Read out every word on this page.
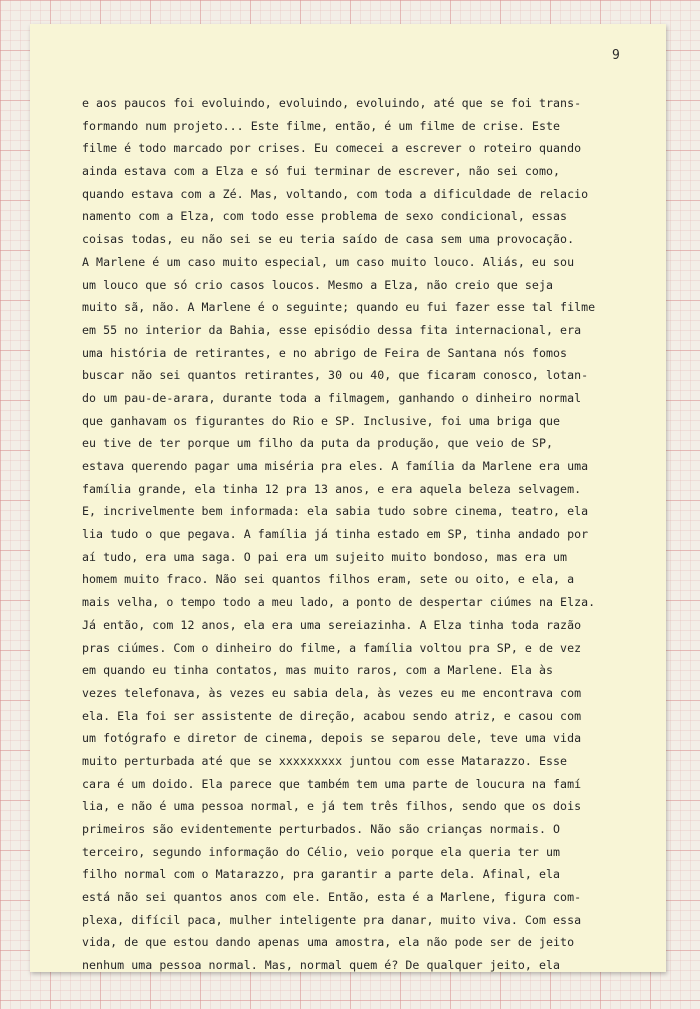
9
e aos paucos foi evoluindo, evoluindo, evoluindo, até que se foi trans-
formando num projeto... Este filme, então, é um filme de crise. Este
filme é todo marcado por crises. Eu comecei a escrever o roteiro quando
ainda estava com a Elza e só fui terminar de escrever, não sei como,
quando estava com a Zé. Mas, voltando, com toda a dificuldade de relacio
namento com a Elza, com todo esse problema de sexo condicional, essas
coisas todas, eu não sei se eu teria saído de casa sem uma provocação.
A Marlene é um caso muito especial, um caso muito louco. Aliás, eu sou
um louco que só crio casos loucos. Mesmo a Elza, não creio que seja
muito sã, não. A Marlene é o seguinte; quando eu fui fazer esse tal filme
em 55 no interior da Bahia, esse episódio dessa fita internacional, era
uma história de retirantes, e no abrigo de Feira de Santana nós fomos
buscar não sei quantos retirantes, 30 ou 40, que ficaram conosco, lotan-
do um pau-de-arara, durante toda a filmagem, ganhando o dinheiro normal
que ganhavam os figurantes do Rio e SP. Inclusive, foi uma briga que
eu tive de ter porque um filho da puta da produção, que veio de SP,
estava querendo pagar uma miséria pra eles. A família da Marlene era uma
família grande, ela tinha 12 pra 13 anos, e era aquela beleza selvagem.
E, incrivelmente bem informada: ela sabia tudo sobre cinema, teatro, ela
lia tudo o que pegava. A família já tinha estado em SP, tinha andado por
aí tudo, era uma saga. O pai era um sujeito muito bondoso, mas era um
homem muito fraco. Não sei quantos filhos eram, sete ou oito, e ela, a
mais velha, o tempo todo a meu lado, a ponto de despertar ciúmes na Elza.
Já então, com 12 anos, ela era uma sereiazinha. A Elza tinha toda razão
pras ciúmes. Com o dinheiro do filme, a família voltou pra SP, e de vez
em quando eu tinha contatos, mas muito raros, com a Marlene. Ela às
vezes telefonava, às vezes eu sabia dela, às vezes eu me encontrava com
ela. Ela foi ser assistente de direção, acabou sendo atriz, e casou com
um fotógrafo e diretor de cinema, depois se separou dele, teve uma vida
muito perturbada até que se xxxxxxxxx juntou com esse Matarazzo. Esse
cara é um doido. Ela parece que também tem uma parte de loucura na famí
lia, e não é uma pessoa normal, e já tem três filhos, sendo que os dois
primeiros são evidentemente perturbados. Não são crianças normais. O
terceiro, segundo informação do Célio, veio porque ela queria ter um
filho normal com o Matarazzo, pra garantir a parte dela. Afinal, ela
está não sei quantos anos com ele. Então, esta é a Marlene, figura com-
plexa, difícil paca, mulher inteligente pra danar, muito viva. Com essa
vida, de que estou dando apenas uma amostra, ela não pode ser de jeito
nenhum uma pessoa normal. Mas, normal quem é? De qualquer jeito, ela
